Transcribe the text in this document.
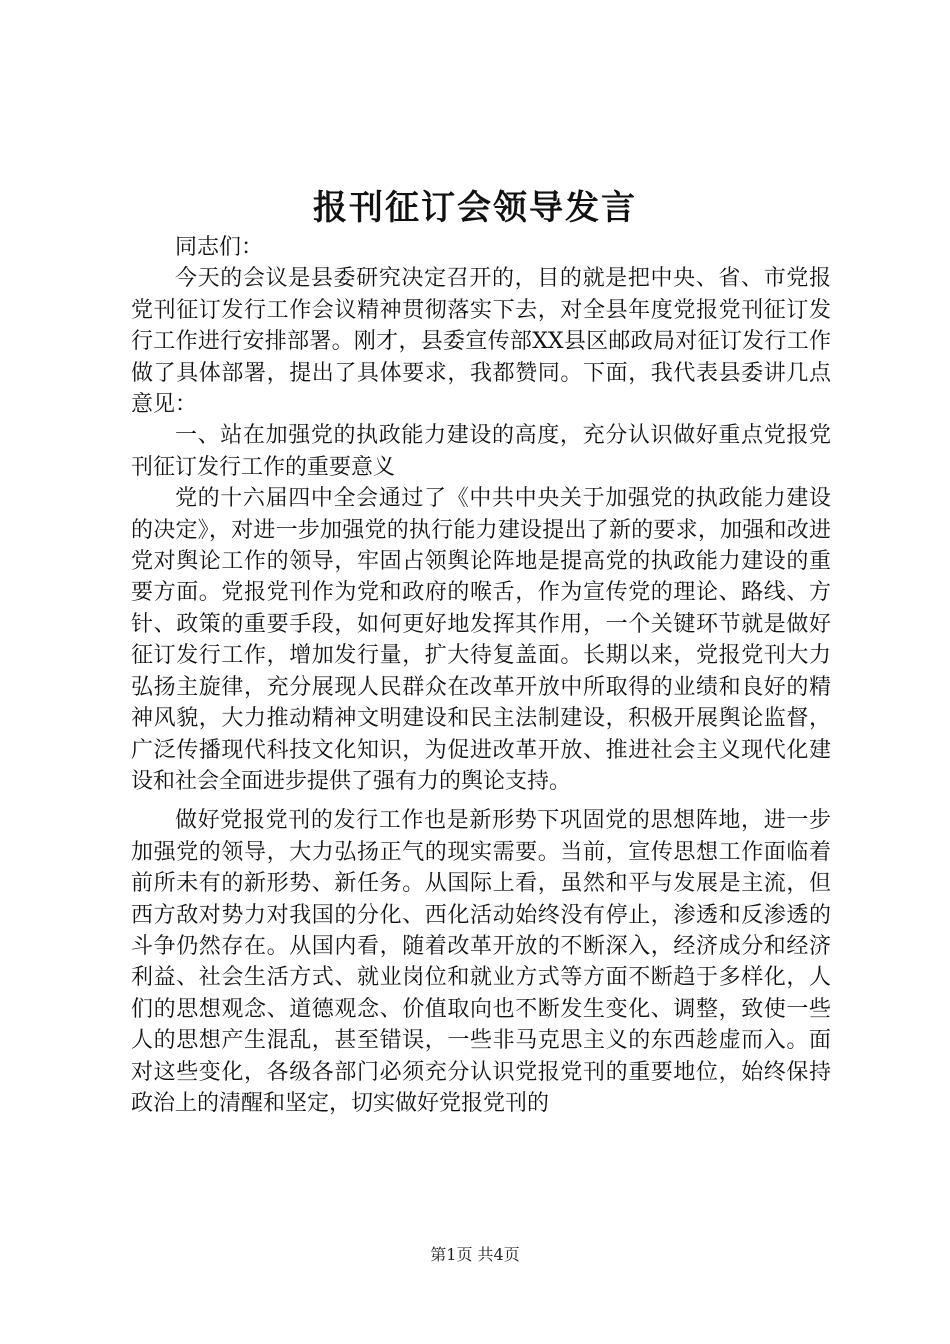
报刊征订会领导发言

同志们：

今天的会议是县委研究决定召开的，目的就是把中央、省、市党报党刊征订发行工作会议精神贯彻落实下去，对全县年度党报党刊征订发行工作进行安排部署。刚才，县委宣传部XX县区邮政局对征订发行工作做了具体部署，提出了具体要求，我都赞同。下面，我代表县委讲几点意见：

一、站在加强党的执政能力建设的高度，充分认识做好重点党报党刊征订发行工作的重要意义

党的十六届四中全会通过了《中共中央关于加强党的执政能力建设的决定》，对进一步加强党的执行能力建设提出了新的要求，加强和改进党对舆论工作的领导，牢固占领舆论阵地是提高党的执政能力建设的重要方面。党报党刊作为党和政府的喉舌，作为宣传党的理论、路线、方针、政策的重要手段，如何更好地发挥其作用，一个关键环节就是做好征订发行工作，增加发行量，扩大待复盖面。长期以来，党报党刊大力弘扬主旋律，充分展现人民群众在改革开放中所取得的业绩和良好的精神风貌，大力推动精神文明建设和民主法制建设，积极开展舆论监督，广泛传播现代科技文化知识，为促进改革开放、推进社会主义现代化建设和社会全面进步提供了强有力的舆论支持。

做好党报党刊的发行工作也是新形势下巩固党的思想阵地，进一步加强党的领导，大力弘扬正气的现实需要。当前，宣传思想工作面临着前所未有的新形势、新任务。从国际上看，虽然和平与发展是主流，但西方敌对势力对我国的分化、西化活动始终没有停止，渗透和反渗透的斗争仍然存在。从国内看，随着改革开放的不断深入，经济成分和经济利益、社会生活方式、就业岗位和就业方式等方面不断趋于多样化，人们的思想观念、道德观念、价值取向也不断发生变化、调整，致使一些人的思想产生混乱，甚至错误，一些非马克思主义的东西趁虚而入。面对这些变化，各级各部门必须充分认识党报党刊的重要地位，始终保持政治上的清醒和坚定，切实做好党报党刊的

第1页 共4页
